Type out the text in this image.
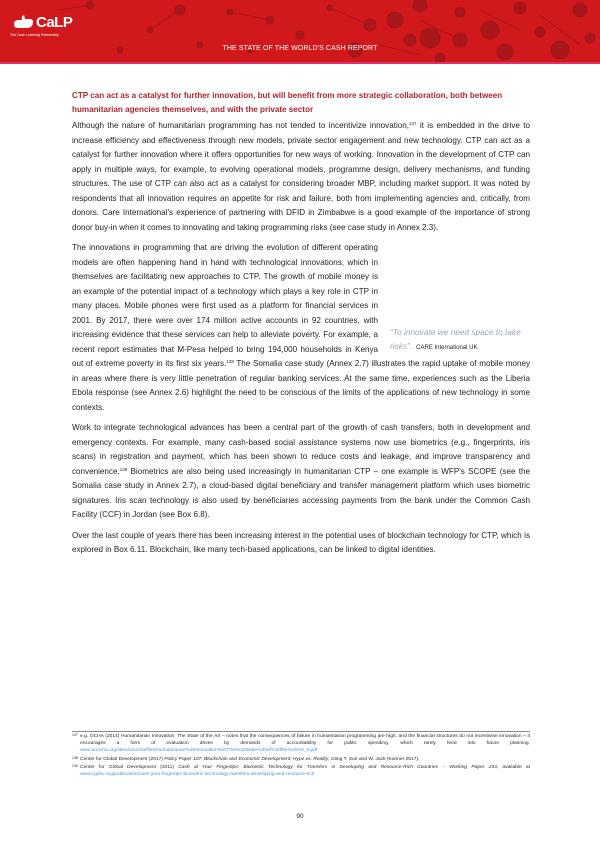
CaLP
The Cash Learning Partnership
THE STATE OF THE WORLD'S CASH REPORT
CTP can act as a catalyst for further innovation, but will benefit from more strategic collaboration, both between humanitarian agencies themselves, and with the private sector

Although the nature of humanitarian programming has not tended to incentivize innovation,$^{137}$ it is embedded in the drive to increase efficiency and effectiveness through new models, private sector engagement and new technology. CTP can act as a catalyst for further innovation where it offers opportunities for new ways of working. Innovation in the development of CTP can apply in multiple ways, for example, to evolving operational models, programme design, delivery mechanisms, and funding structures. The use of CTP can also act as a catalyst for considering broader MBP, including market support. It was noted by respondents that all innovation requires an appetite for risk and failure, both from implementing agencies and, critically, from donors. Care International's experience of partnering with DFID in Zimbabwe is a good example of the importance of strong donor buy-in when it comes to innovating and taking programming risks (see case study in Annex 2.3).

“To innovate we need space to take risks”. CARE International UK

The innovations in programming that are driving the evolution of different operating models are often happening hand in hand with technological innovations, which in themselves are facilitating new approaches to CTP. The growth of mobile money is an example of the potential impact of a technology which plays a key role in CTP in many places. Mobile phones were first used as a platform for financial services in 2001. By 2017, there were over 174 million active accounts in 92 countries, with increasing evidence that these services can help to alleviate poverty. For example, a recent report estimates that M-Pesa helped to bring 194,000 households in Kenya out of extreme poverty in its first six years.$^{138}$ The Somalia case study (Annex 2.7) illustrates the rapid uptake of mobile money in areas where there is very little penetration of regular banking services. At the same time, experiences such as the Liberia Ebola response (see Annex 2.6) highlight the need to be conscious of the limits of the applications of new technology in some contexts.

Work to integrate technological advances has been a central part of the growth of cash transfers, both in development and emergency contexts. For example, many cash-based social assistance systems now use biometrics (e.g., fingerprints, iris scans) in registration and payment, which has been shown to reduce costs and leakage, and improve transparency and convenience.$^{139}$ Biometrics are also being used increasingly in humanitarian CTP – one example is WFP's SCOPE (see the Somalia case study in Annex 2.7), a cloud-based digital beneficiary and transfer management platform which uses biometric signatures. Iris scan technology is also used by beneficiaries accessing payments from the bank under the Common Cash Facility (CCF) in Jordan (see Box 6.8).

Over the last couple of years there has been increasing interest in the potential uses of blockchain technology for CTP, which is explored in Box 6.11. Blockchain, like many tech-based applications, can be linked to digital identities.

137 e.g. OCHA (2014) Humanitarian Innovation: The State of the Art – notes that the consequences of failure in humanitarian programming are high, and the financial structures do not incentivise innovation – it encourages a form of evaluation driven by demands of accountability for public spending, which rarely feed into future planning. www.unocha.org/sites/unocha/files/Humanitarian%20Innovation%20The%20State%20of%20the%20Art_0.pdf
138 Center for Global Development (2017) Policy Paper 107: Blockchain and Economic Development: Hype vs. Reality, citing T. Suri and W. Jack (Konner 2017).
139 Center for Global Development (2011) Cash at Your Fingertips: Biometric Technology for Transfers in Developing and Resource-Rich Countries – Working Paper 253, available at www.cgdev.org/publication/cash-your-fingertips-biometric-technology-transfers-developing-and-resource-rich
90
